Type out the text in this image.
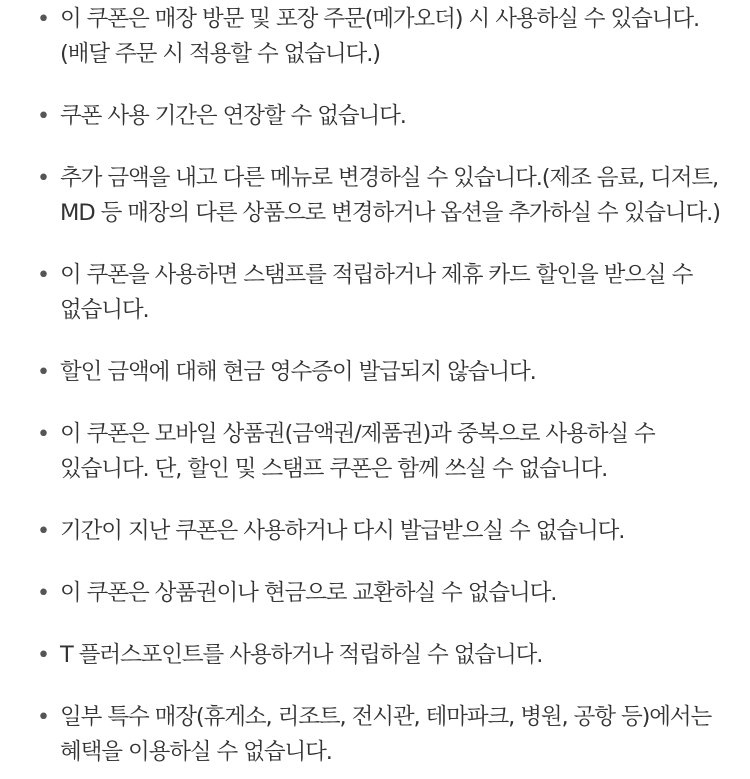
• 이 쿠폰은 매장 방문 및 포장 주문(메가오더) 시 사용하실 수 있습니다.(배달 주문 시 적용할 수 없습니다.)
• 쿠폰 사용 기간은 연장할 수 없습니다.
• 추가 금액을 내고 다른 메뉴로 변경하실 수 있습니다.(제조 음료, 디저트, MD 등 매장의 다른 상품으로 변경하거나 옵션을 추가하실 수 있습니다.)
• 이 쿠폰을 사용하면 스탬프를 적립하거나 제휴 카드 할인을 받으실 수 없습니다.
• 할인 금액에 대해 현금 영수증이 발급되지 않습니다.
• 이 쿠폰은 모바일 상품권(금액권/제품권)과 중복으로 사용하실 수 있습니다. 단, 할인 및 스탬프 쿠폰은 함께 쓰실 수 없습니다.
• 기간이 지난 쿠폰은 사용하거나 다시 발급받으실 수 없습니다.
• 이 쿠폰은 상품권이나 현금으로 교환하실 수 없습니다.
• T 플러스포인트를 사용하거나 적립하실 수 없습니다.
• 일부 특수 매장(휴게소, 리조트, 전시관, 테마파크, 병원, 공항 등)에서는 혜택을 이용하실 수 없습니다.
